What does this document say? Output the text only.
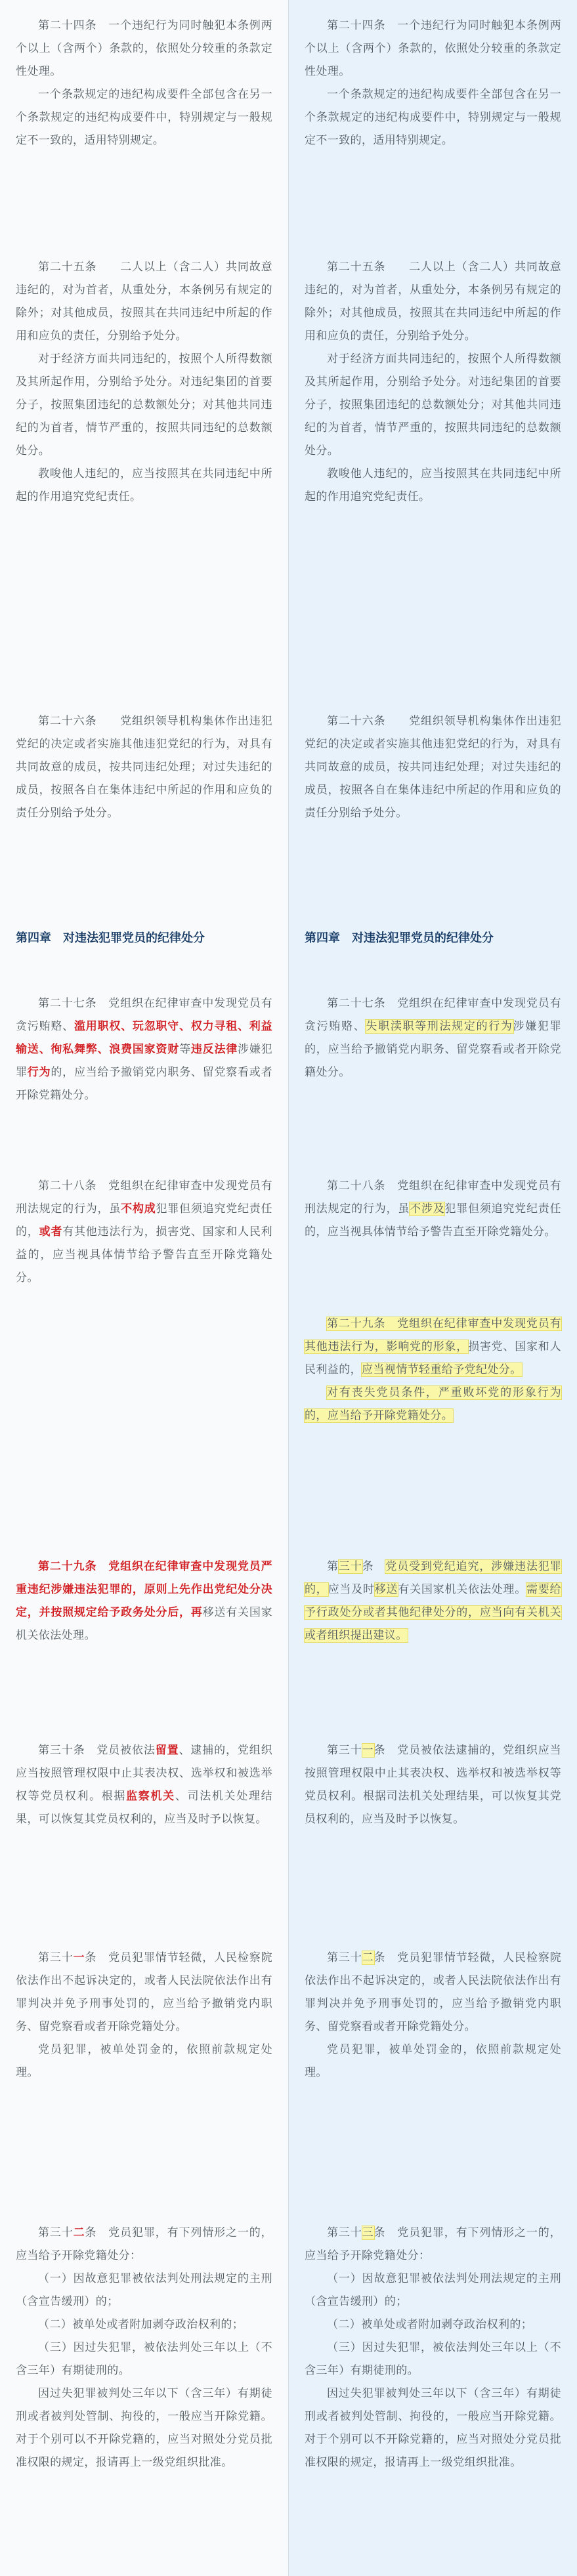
第二十四条　一个违纪行为同时触犯本条例两个以上（含两个）条款的，依照处分较重的条款定性处理。

一个条款规定的违纪构成要件全部包含在另一个条款规定的违纪构成要件中，特别规定与一般规定不一致的，适用特别规定。

第二十五条　　二人以上（含二人）共同故意违纪的，对为首者，从重处分，本条例另有规定的除外；对其他成员，按照其在共同违纪中所起的作用和应负的责任，分别给予处分。

对于经济方面共同违纪的，按照个人所得数额及其所起作用，分别给予处分。对违纪集团的首要分子，按照集团违纪的总数额处分；对其他共同违纪的为首者，情节严重的，按照共同违纪的总数额处分。

教唆他人违纪的，应当按照其在共同违纪中所起的作用追究党纪责任。

第二十六条　　党组织领导机构集体作出违犯党纪的决定或者实施其他违犯党纪的行为，对具有共同故意的成员，按共同违纪处理；对过失违纪的成员，按照各自在集体违纪中所起的作用和应负的责任分别给予处分。

第四章　对违法犯罪党员的纪律处分

第二十七条　党组织在纪律审查中发现党员有贪污贿赂、滥用职权、玩忽职守、权力寻租、利益输送、徇私舞弊、浪费国家资财等违反法律涉嫌犯罪行为的，应当给予撤销党内职务、留党察看或者开除党籍处分。

第二十八条　党组织在纪律审查中发现党员有刑法规定的行为，虽不构成犯罪但须追究党纪责任的，或者有其他违法行为，损害党、国家和人民利益的，应当视具体情节给予警告直至开除党籍处分。

第二十九条　党组织在纪律审查中发现党员严重违纪涉嫌违法犯罪的，原则上先作出党纪处分决定，并按照规定给予政务处分后，再移送有关国家机关依法处理。

第三十条　党员被依法留置、逮捕的，党组织应当按照管理权限中止其表决权、选举权和被选举权等党员权利。根据监察机关、司法机关处理结果，可以恢复其党员权利的，应当及时予以恢复。

第三十一条　党员犯罪情节轻微，人民检察院依法作出不起诉决定的，或者人民法院依法作出有罪判决并免予刑事处罚的，应当给予撤销党内职务、留党察看或者开除党籍处分。

党员犯罪，被单处罚金的，依照前款规定处理。

第三十二条　党员犯罪，有下列情形之一的，应当给予开除党籍处分：

（一）因故意犯罪被依法判处刑法规定的主刑（含宣告缓刑）的；

（二）被单处或者附加剥夺政治权利的；

（三）因过失犯罪，被依法判处三年以上（不含三年）有期徒刑的。

因过失犯罪被判处三年以下（含三年）有期徒刑或者被判处管制、拘役的，一般应当开除党籍。对于个别可以不开除党籍的，应当对照处分党员批准权限的规定，报请再上一级党组织批准。

第二十四条　一个违纪行为同时触犯本条例两个以上（含两个）条款的，依照处分较重的条款定性处理。

一个条款规定的违纪构成要件全部包含在另一个条款规定的违纪构成要件中，特别规定与一般规定不一致的，适用特别规定。

第二十五条　　二人以上（含二人）共同故意违纪的，对为首者，从重处分，本条例另有规定的除外；对其他成员，按照其在共同违纪中所起的作用和应负的责任，分别给予处分。

对于经济方面共同违纪的，按照个人所得数额及其所起作用，分别给予处分。对违纪集团的首要分子，按照集团违纪的总数额处分；对其他共同违纪的为首者，情节严重的，按照共同违纪的总数额处分。

教唆他人违纪的，应当按照其在共同违纪中所起的作用追究党纪责任。

第二十六条　　党组织领导机构集体作出违犯党纪的决定或者实施其他违犯党纪的行为，对具有共同故意的成员，按共同违纪处理；对过失违纪的成员，按照各自在集体违纪中所起的作用和应负的责任分别给予处分。

第四章　对违法犯罪党员的纪律处分

第二十七条　党组织在纪律审查中发现党员有贪污贿赂、失职渎职等刑法规定的行为涉嫌犯罪的，应当给予撤销党内职务、留党察看或者开除党籍处分。

第二十八条　党组织在纪律审查中发现党员有刑法规定的行为，虽不涉及犯罪但须追究党纪责任的，应当视具体情节给予警告直至开除党籍处分。

第二十九条　党组织在纪律审查中发现党员有其他违法行为，影响党的形象，损害党、国家和人民利益的，应当视情节轻重给予党纪处分。

对有丧失党员条件，严重败坏党的形象行为的，应当给予开除党籍处分。

第三十条　党员受到党纪追究，涉嫌违法犯罪的，应当及时移送有关国家机关依法处理。需要给予行政处分或者其他纪律处分的，应当向有关机关或者组织提出建议。

第三十一条　党员被依法逮捕的，党组织应当按照管理权限中止其表决权、选举权和被选举权等党员权利。根据司法机关处理结果，可以恢复其党员权利的，应当及时予以恢复。

第三十二条　党员犯罪情节轻微，人民检察院依法作出不起诉决定的，或者人民法院依法作出有罪判决并免予刑事处罚的，应当给予撤销党内职务、留党察看或者开除党籍处分。

党员犯罪，被单处罚金的，依照前款规定处理。

第三十三条　党员犯罪，有下列情形之一的，应当给予开除党籍处分：

（一）因故意犯罪被依法判处刑法规定的主刑（含宣告缓刑）的；

（二）被单处或者附加剥夺政治权利的；

（三）因过失犯罪，被依法判处三年以上（不含三年）有期徒刑的。

因过失犯罪被判处三年以下（含三年）有期徒刑或者被判处管制、拘役的，一般应当开除党籍。对于个别可以不开除党籍的，应当对照处分党员批准权限的规定，报请再上一级党组织批准。
